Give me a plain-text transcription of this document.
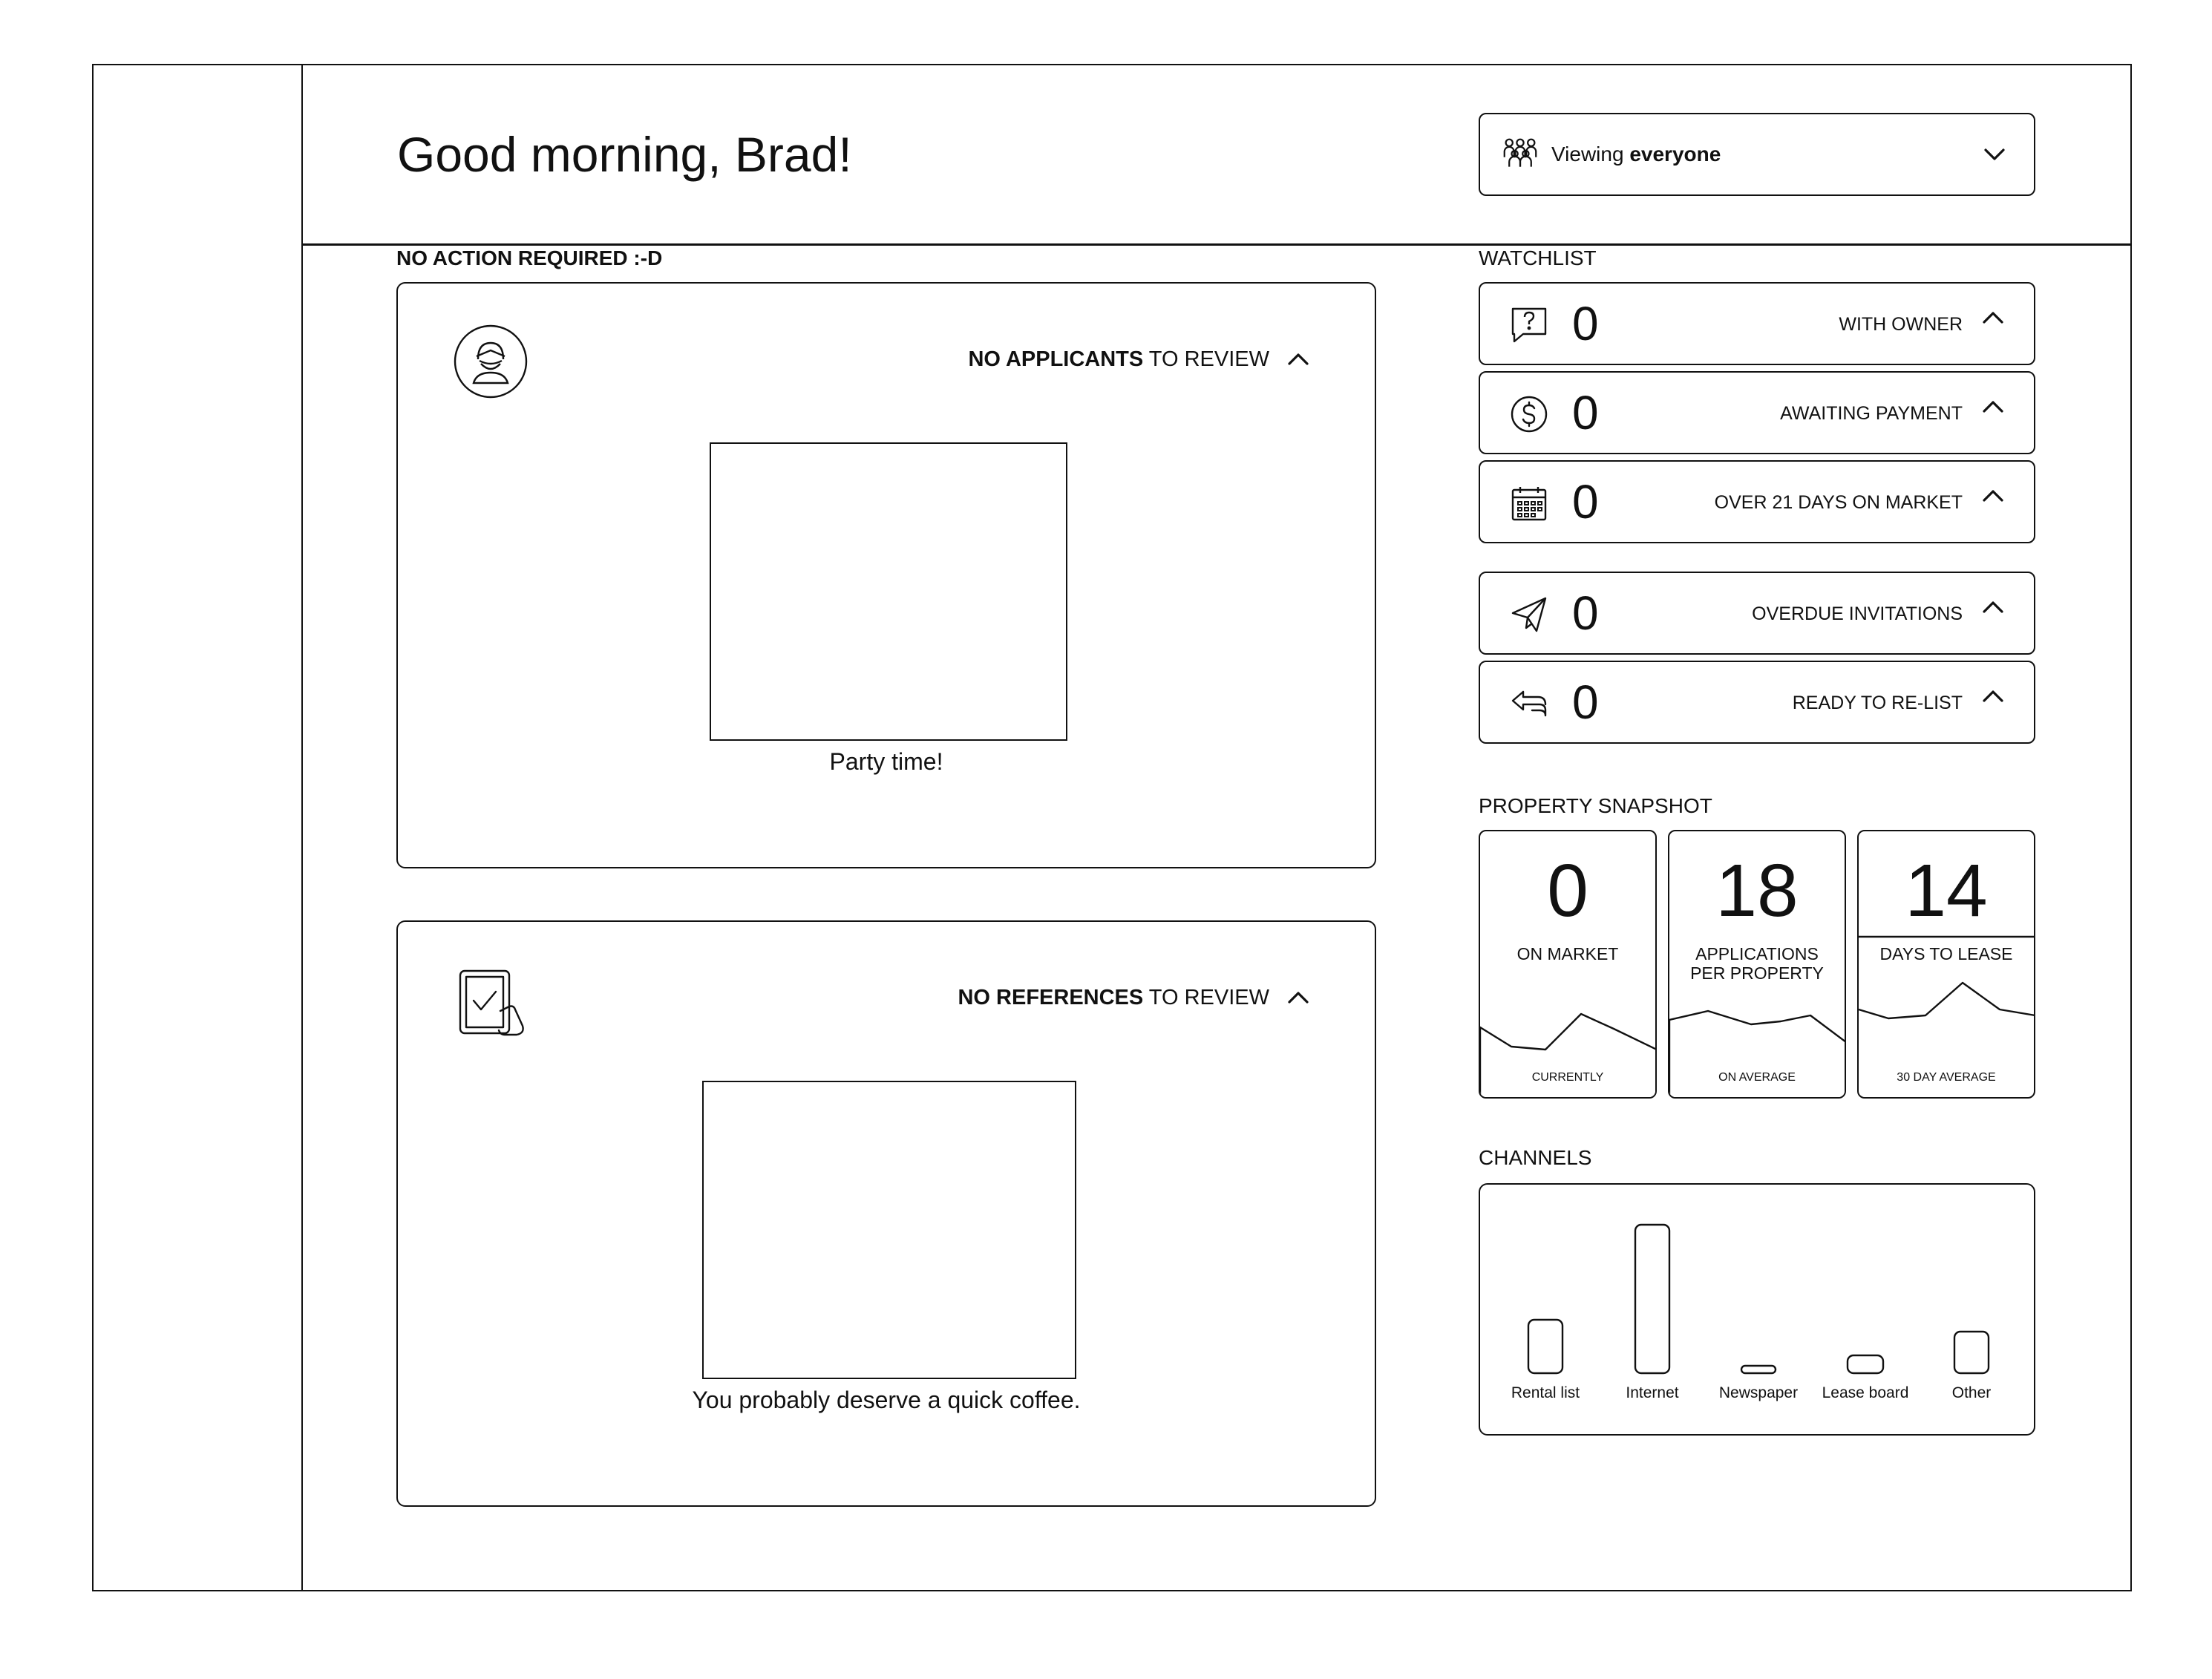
Good morning, Brad!	Viewing everyone
NO ACTION REQUIRED :-D
NO APPLICANTS TO REVIEW
Party time!
NO REFERENCES TO REVIEW
You probably deserve a quick coffee.
WATCHLIST
0	WITH OWNER
0	AWAITING PAYMENT
0	OVER 21 DAYS ON MARKET
0	OVERDUE INVITATIONS
0	READY TO RE-LIST
PROPERTY SNAPSHOT
0
ON MARKET
CURRENTLY
18
APPLICATIONS
PER PROPERTY
ON AVERAGE
14
DAYS TO LEASE
30 DAY AVERAGE
CHANNELS
Rental list	Internet	Newspaper	Lease board	Other
